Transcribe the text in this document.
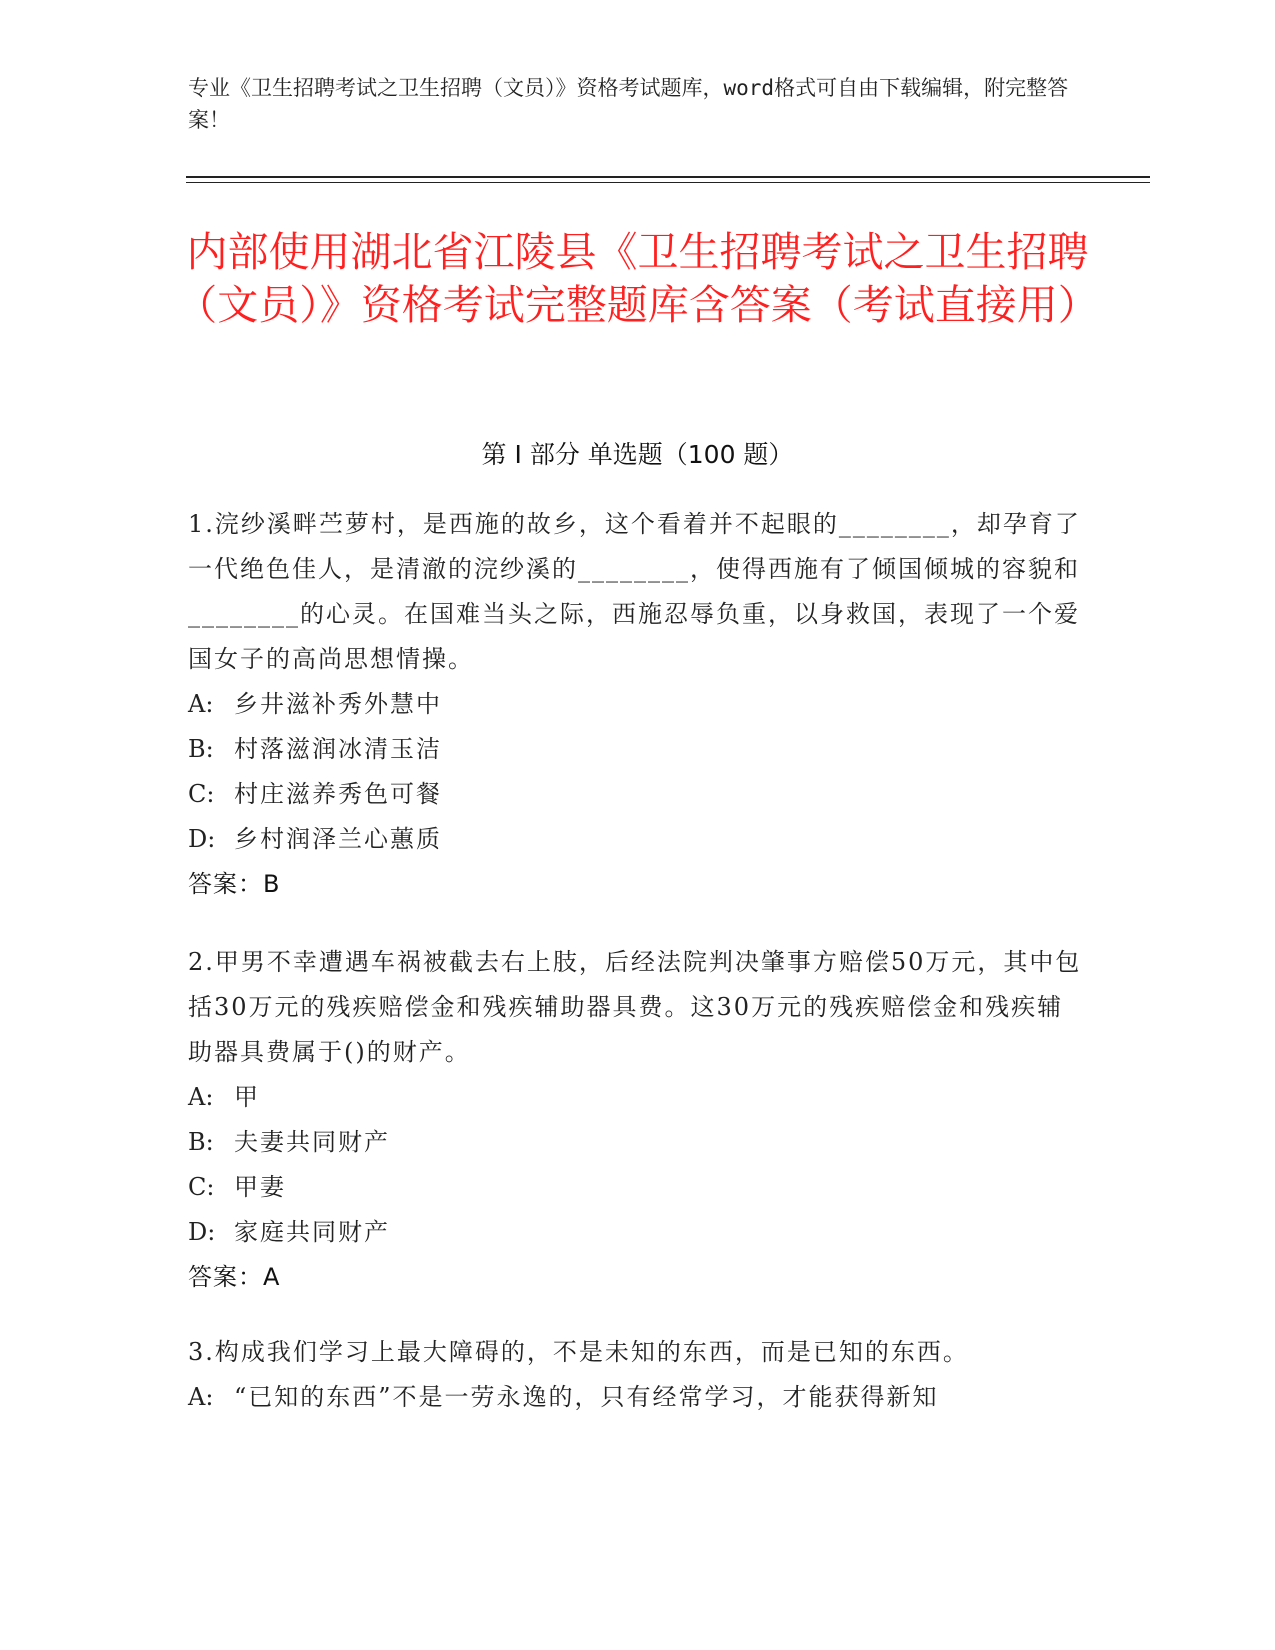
专业《卫生招聘考试之卫生招聘（文员）》资格考试题库，word格式可自由下载编辑，附完整答案！
内部使用湖北省江陵县《卫生招聘考试之卫生招聘（文员）》资格考试完整题库含答案（考试直接用）
第 I 部分 单选题（100 题）
1.浣纱溪畔苎萝村，是西施的故乡，这个看着并不起眼的________，却孕育了一代绝色佳人，是清澈的浣纱溪的________，使得西施有了倾国倾城的容貌和________的心灵。在国难当头之际，西施忍辱负重，以身救国，表现了一个爱国女子的高尚思想情操。
A: 乡井滋补秀外慧中
B: 村落滋润冰清玉洁
C: 村庄滋养秀色可餐
D: 乡村润泽兰心蕙质
答案：B
2.甲男不幸遭遇车祸被截去右上肢，后经法院判决肇事方赔偿50万元，其中包括30万元的残疾赔偿金和残疾辅助器具费。这30万元的残疾赔偿金和残疾辅助器具费属于()的财产。
A: 甲
B: 夫妻共同财产
C: 甲妻
D: 家庭共同财产
答案：A
3.构成我们学习上最大障碍的，不是未知的东西，而是已知的东西。
A: “已知的东西”不是一劳永逸的，只有经常学习，才能获得新知
